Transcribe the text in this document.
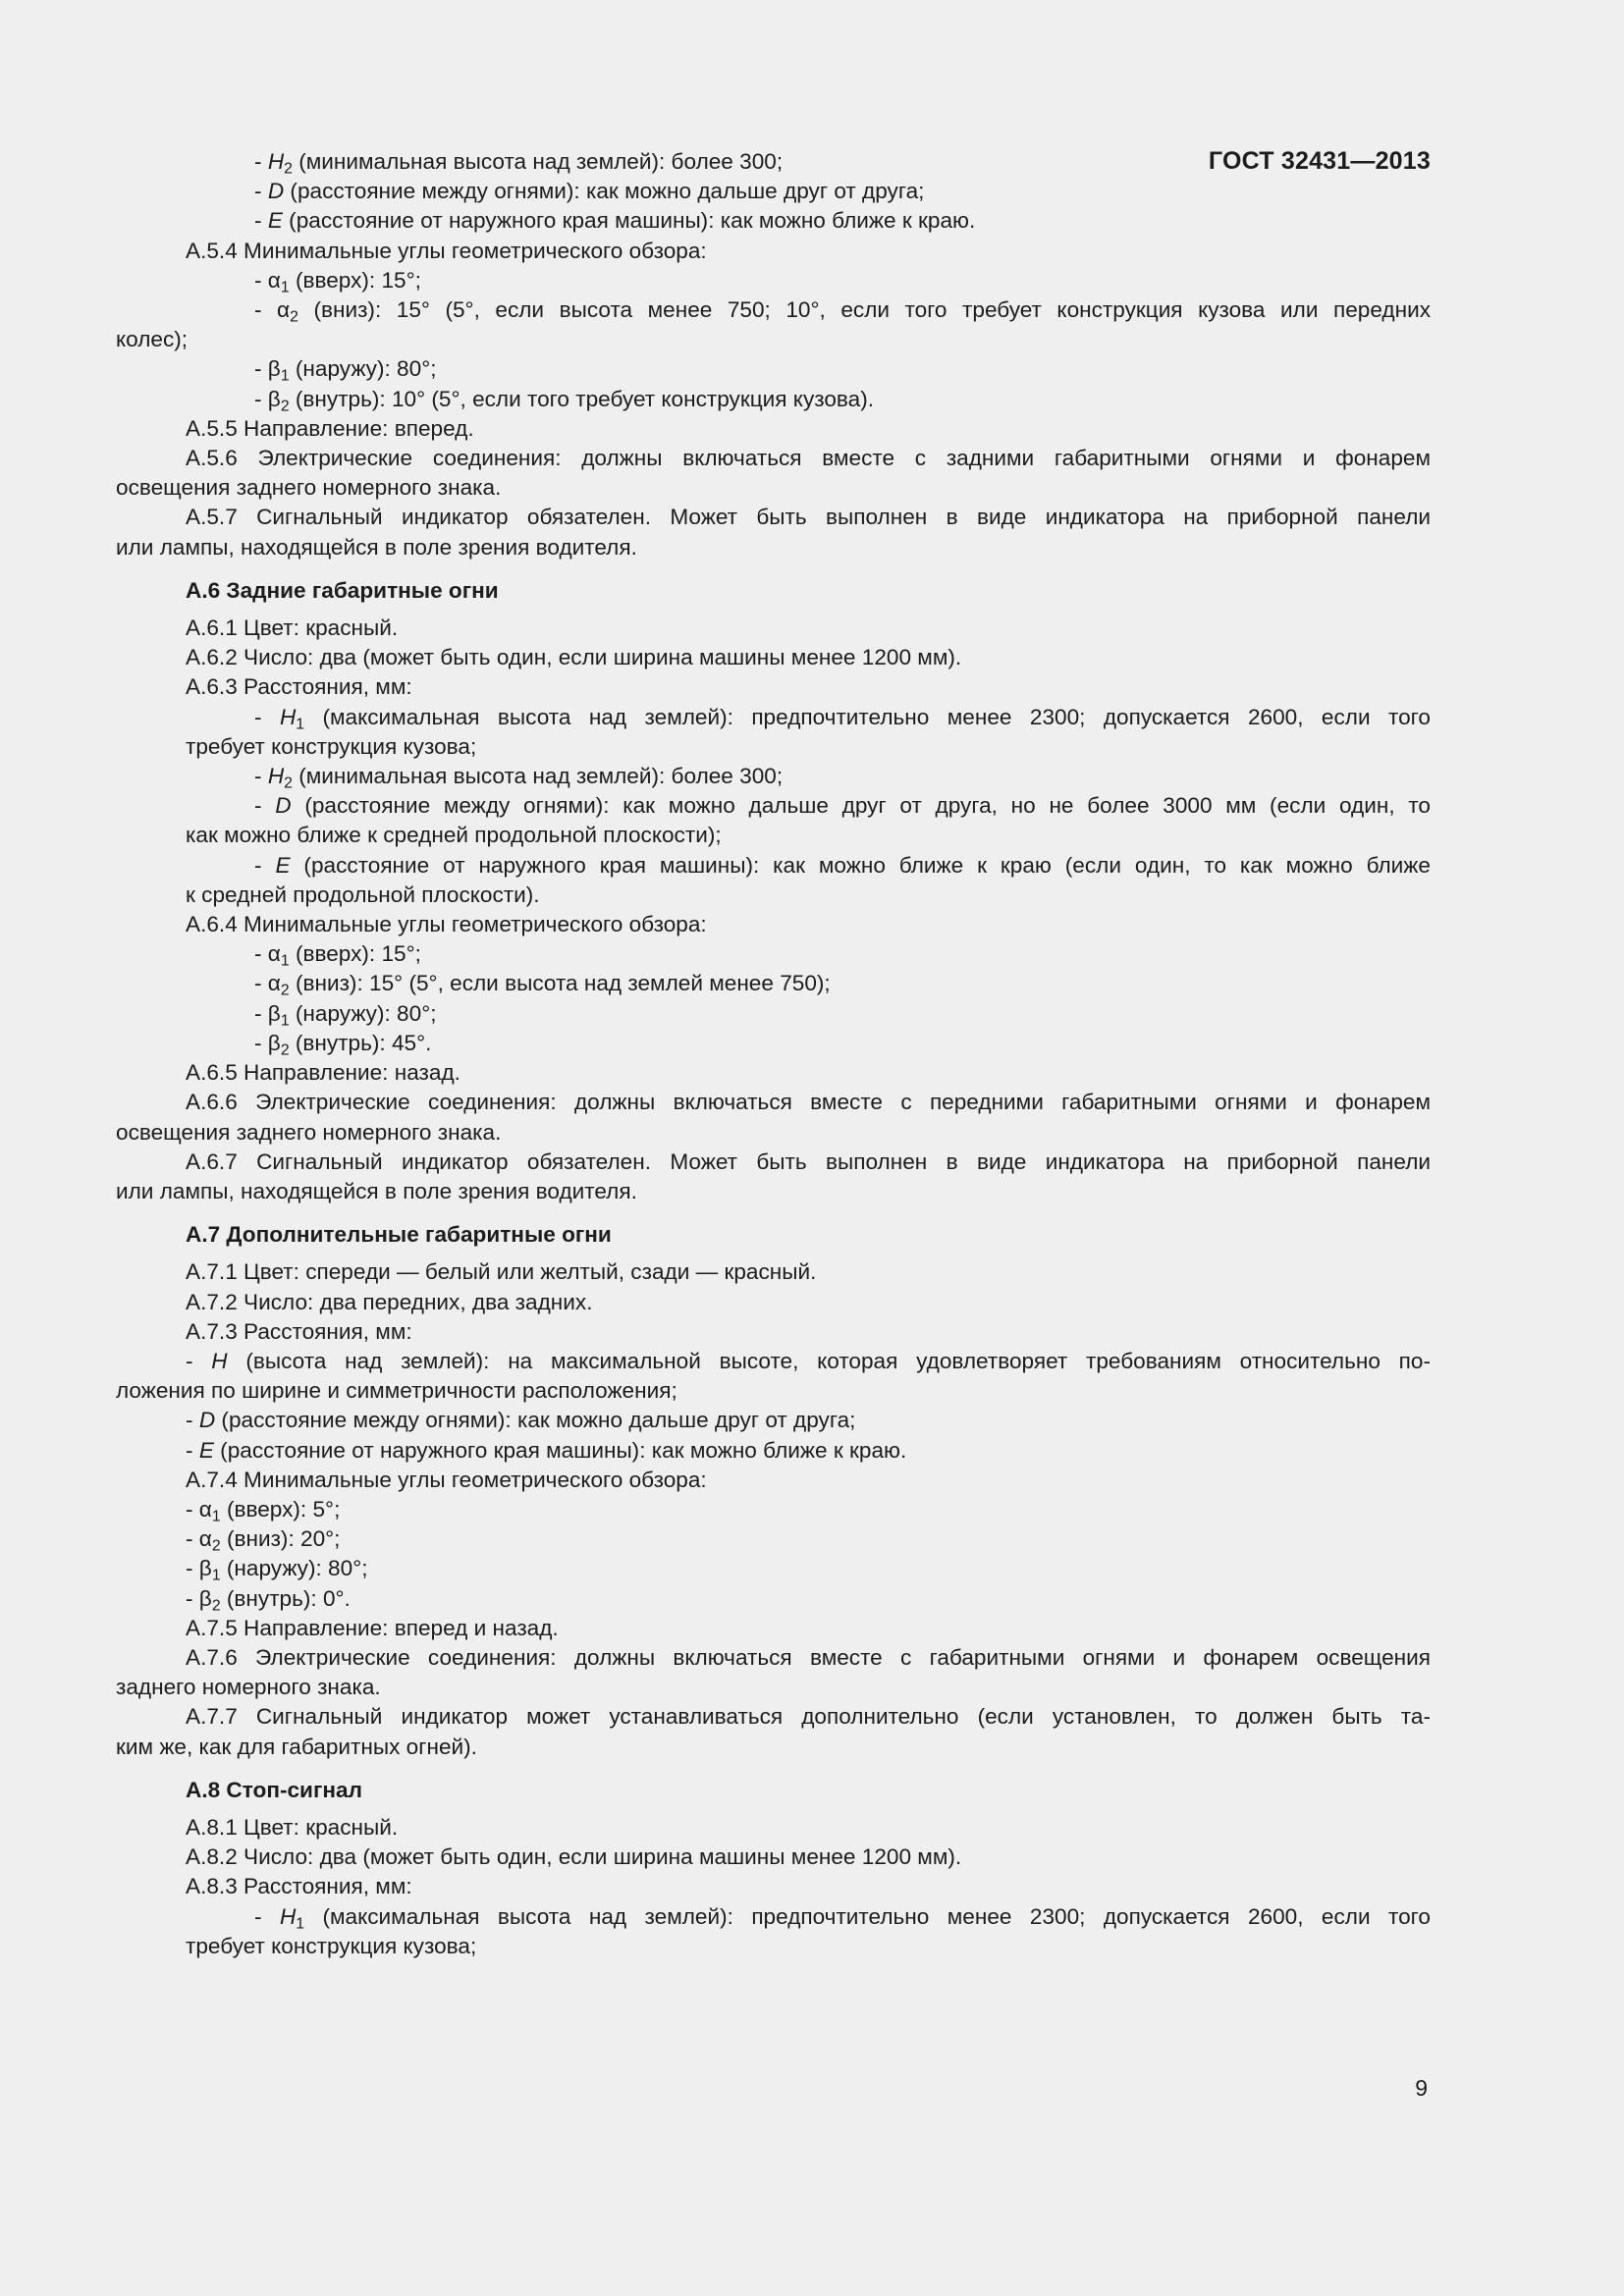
ГОСТ 32431—2013

- $H_2$ (минимальная высота над землей): более 300;

- D (расстояние между огнями): как можно дальше друг от друга;

- E (расстояние от наружного края машины): как можно ближе к краю.

А.5.4 Минимальные углы геометрического обзора:

- $\alpha_1$ (вверх): 15°;

- $\alpha_2$ (вниз): 15° (5°, если высота менее 750; 10°, если того требует конструкция кузова или передних

колес);

- $\beta_1$ (наружу): 80°;

- $\beta_2$ (внутрь): 10° (5°, если того требует конструкция кузова).

А.5.5 Направление: вперед.

А.5.6 Электрические соединения: должны включаться вместе с задними габаритными огнями и фонарем

освещения заднего номерного знака.

А.5.7 Сигнальный индикатор обязателен. Может быть выполнен в виде индикатора на приборной панели

или лампы, находящейся в поле зрения водителя.

А.6 Задние габаритные огни

А.6.1 Цвет: красный.

А.6.2 Число: два (может быть один, если ширина машины менее 1200 мм).

А.6.3 Расстояния, мм:

- $H_1$ (максимальная высота над землей): предпочтительно менее 2300; допускается 2600, если того

требует конструкция кузова;

- $H_2$ (минимальная высота над землей): более 300;

- D (расстояние между огнями): как можно дальше друг от друга, но не более 3000 мм (если один, то

как можно ближе к средней продольной плоскости);

- E (расстояние от наружного края машины): как можно ближе к краю (если один, то как можно ближе

к средней продольной плоскости).

А.6.4 Минимальные углы геометрического обзора:

- $\alpha_1$ (вверх): 15°;

- $\alpha_2$ (вниз): 15° (5°, если высота над землей менее 750);

- $\beta_1$ (наружу): 80°;

- $\beta_2$ (внутрь): 45°.

А.6.5 Направление: назад.

А.6.6 Электрические соединения: должны включаться вместе с передними габаритными огнями и фонарем

освещения заднего номерного знака.

А.6.7 Сигнальный индикатор обязателен. Может быть выполнен в виде индикатора на приборной панели

или лампы, находящейся в поле зрения водителя.

А.7 Дополнительные габаритные огни

А.7.1 Цвет: спереди — белый или желтый, сзади — красный.

А.7.2 Число: два передних, два задних.

А.7.3 Расстояния, мм:

- H (высота над землей): на максимальной высоте, которая удовлетворяет требованиям относительно по-

ложения по ширине и симметричности расположения;

- D (расстояние между огнями): как можно дальше друг от друга;

- E (расстояние от наружного края машины): как можно ближе к краю.

А.7.4 Минимальные углы геометрического обзора:

- $\alpha_1$ (вверх): 5°;

- $\alpha_2$ (вниз): 20°;

- $\beta_1$ (наружу): 80°;

- $\beta_2$ (внутрь): 0°.

А.7.5 Направление: вперед и назад.

А.7.6 Электрические соединения: должны включаться вместе с габаритными огнями и фонарем освещения

заднего номерного знака.

А.7.7 Сигнальный индикатор может устанавливаться дополнительно (если установлен, то должен быть та-

ким же, как для габаритных огней).

А.8 Стоп-сигнал

А.8.1 Цвет: красный.

А.8.2 Число: два (может быть один, если ширина машины менее 1200 мм).

А.8.3 Расстояния, мм:

- $H_1$ (максимальная высота над землей): предпочтительно менее 2300; допускается 2600, если того

требует конструкция кузова;

9
